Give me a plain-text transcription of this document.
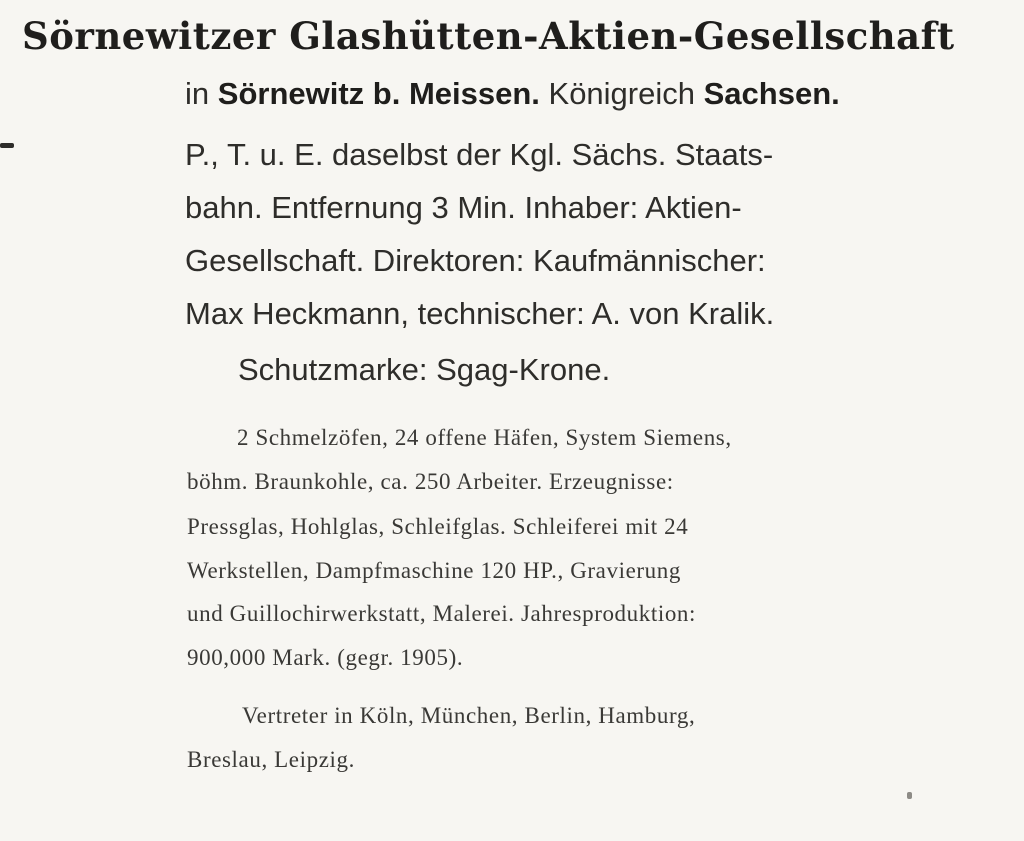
Sörnewitzer Glashütten-Aktien-Gesellschaft
in Sörnewitz b. Meissen. Königreich Sachsen.
P., T. u. E. daselbst der Kgl. Sächs. Staats-
bahn. Entfernung 3 Min. Inhaber: Aktien-
Gesellschaft. Direktoren: Kaufmännischer:
Max Heckmann, technischer: A. von Kralik.
Schutzmarke: Sgag-Krone.
2 Schmelzöfen, 24 offene Häfen, System Siemens,
böhm. Braunkohle, ca. 250 Arbeiter. Erzeugnisse:
Pressglas, Hohlglas, Schleifglas. Schleiferei mit 24
Werkstellen, Dampfmaschine 120 HP., Gravierung
und Guillochirwerkstatt, Malerei. Jahresproduktion:
900,000 Mark. (gegr. 1905).
Vertreter in Köln, München, Berlin, Hamburg,
Breslau, Leipzig.
